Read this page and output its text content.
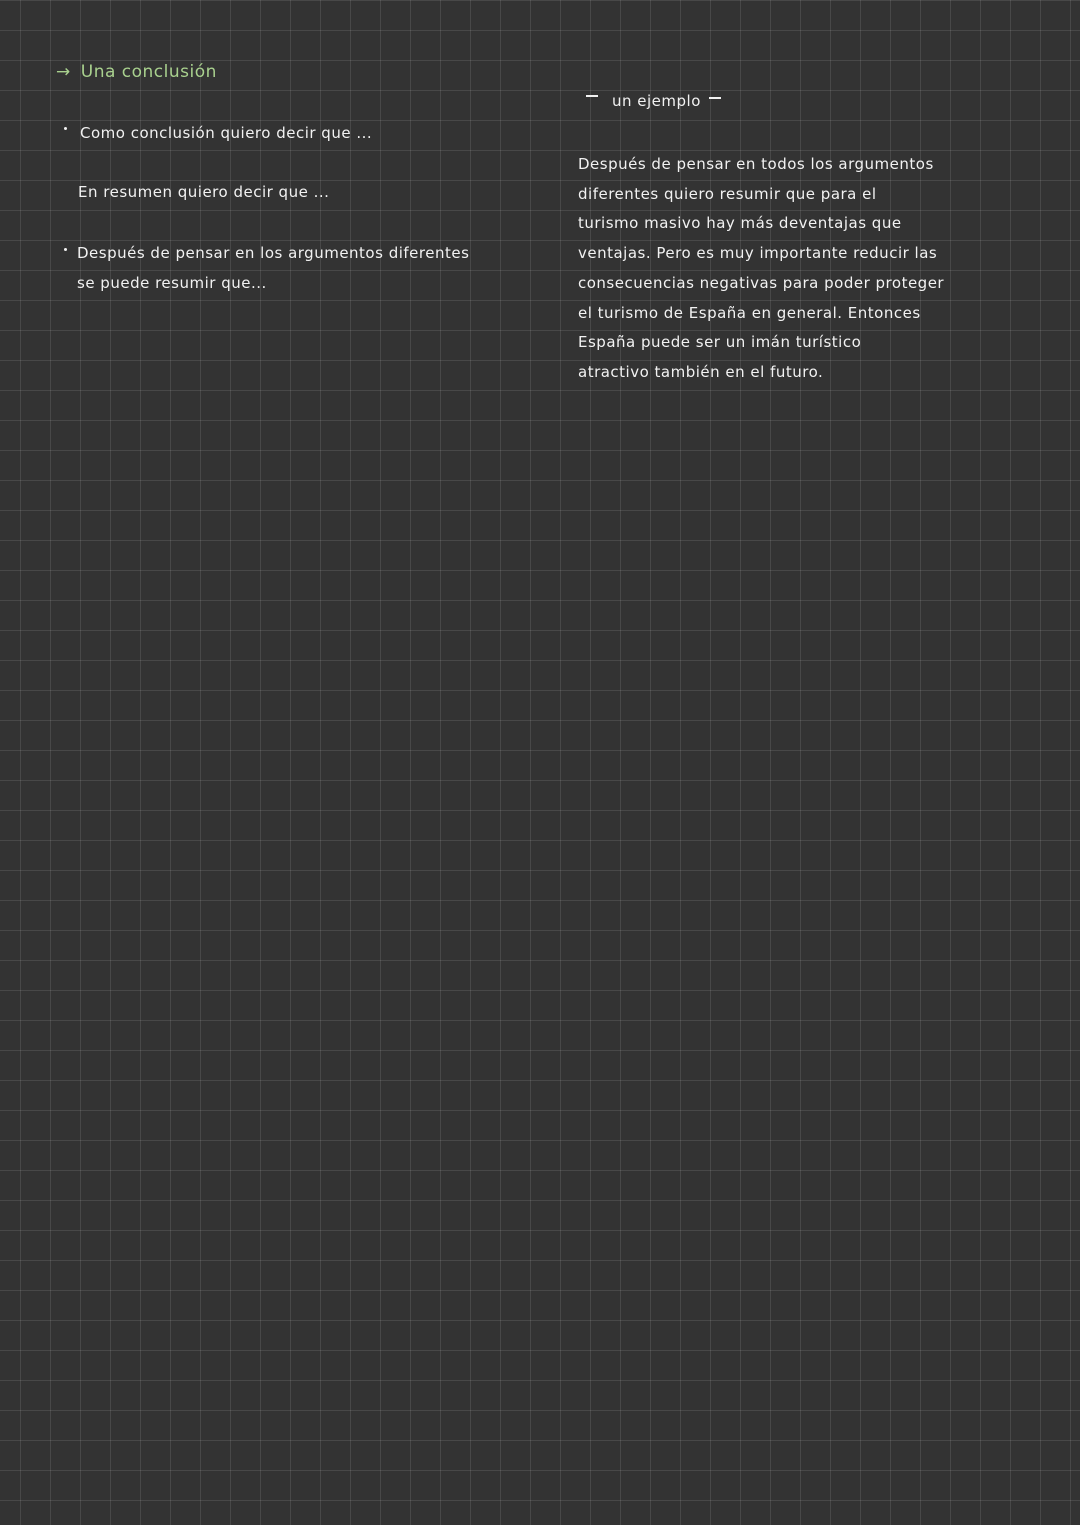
→ Una conclusión
Como conclusión quiero decir que ...
En resumen quiero decir que ...
Después de pensar en los argumentos diferentes
se puede resumir que...
un ejemplo
Después de pensar en todos los argumentos
diferentes quiero resumir que para el
turismo masivo hay más deventajas que
ventajas. Pero es muy importante reducir las
consecuencias negativas para poder proteger
el turismo de España en general. Entonces
España puede ser un imán turístico
atractivo también en el futuro.
